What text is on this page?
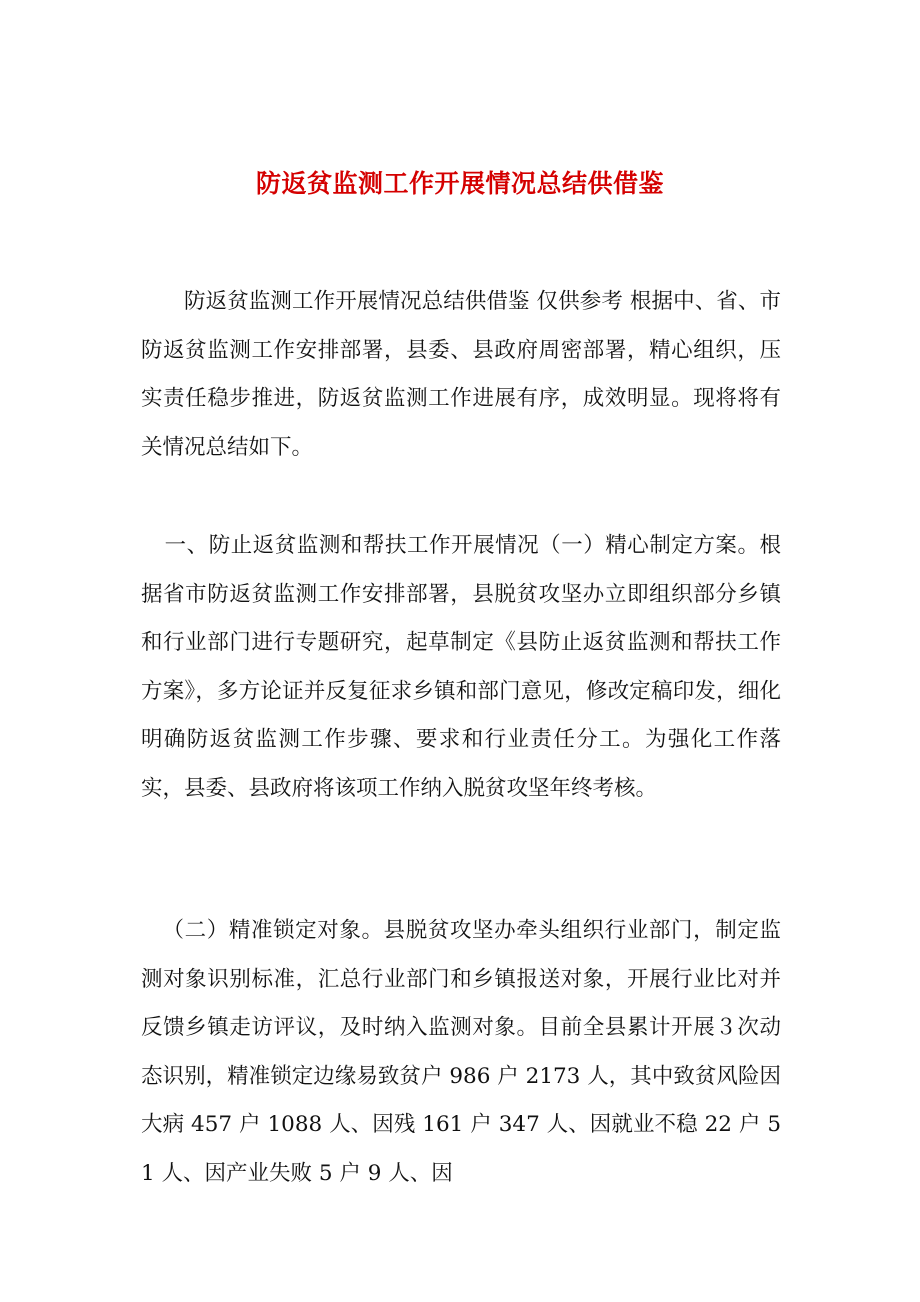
防返贫监测工作开展情况总结供借鉴

防返贫监测工作开展情况总结供借鉴 仅供参考 根据中、省、市防返贫监测工作安排部署，县委、县政府周密部署，精心组织，压实责任稳步推进，防返贫监测工作进展有序，成效明显。现将将有关情况总结如下。

一、防止返贫监测和帮扶工作开展情况（一）精心制定方案。根据省市防返贫监测工作安排部署，县脱贫攻坚办立即组织部分乡镇和行业部门进行专题研究，起草制定《县防止返贫监测和帮扶工作方案》，多方论证并反复征求乡镇和部门意见，修改定稿印发，细化明确防返贫监测工作步骤、要求和行业责任分工。为强化工作落实，县委、县政府将该项工作纳入脱贫攻坚年终考核。

（二）精准锁定对象。县脱贫攻坚办牵头组织行业部门，制定监测对象识别标准，汇总行业部门和乡镇报送对象，开展行业比对并反馈乡镇走访评议，及时纳入监测对象。目前全县累计开展３次动态识别，精准锁定边缘易致贫户 986 户 2173 人，其中致贫风险因大病 457 户 1088 人、因残 161 户 347 人、因就业不稳 22 户 51 人、因产业失败 5 户 9 人、因
